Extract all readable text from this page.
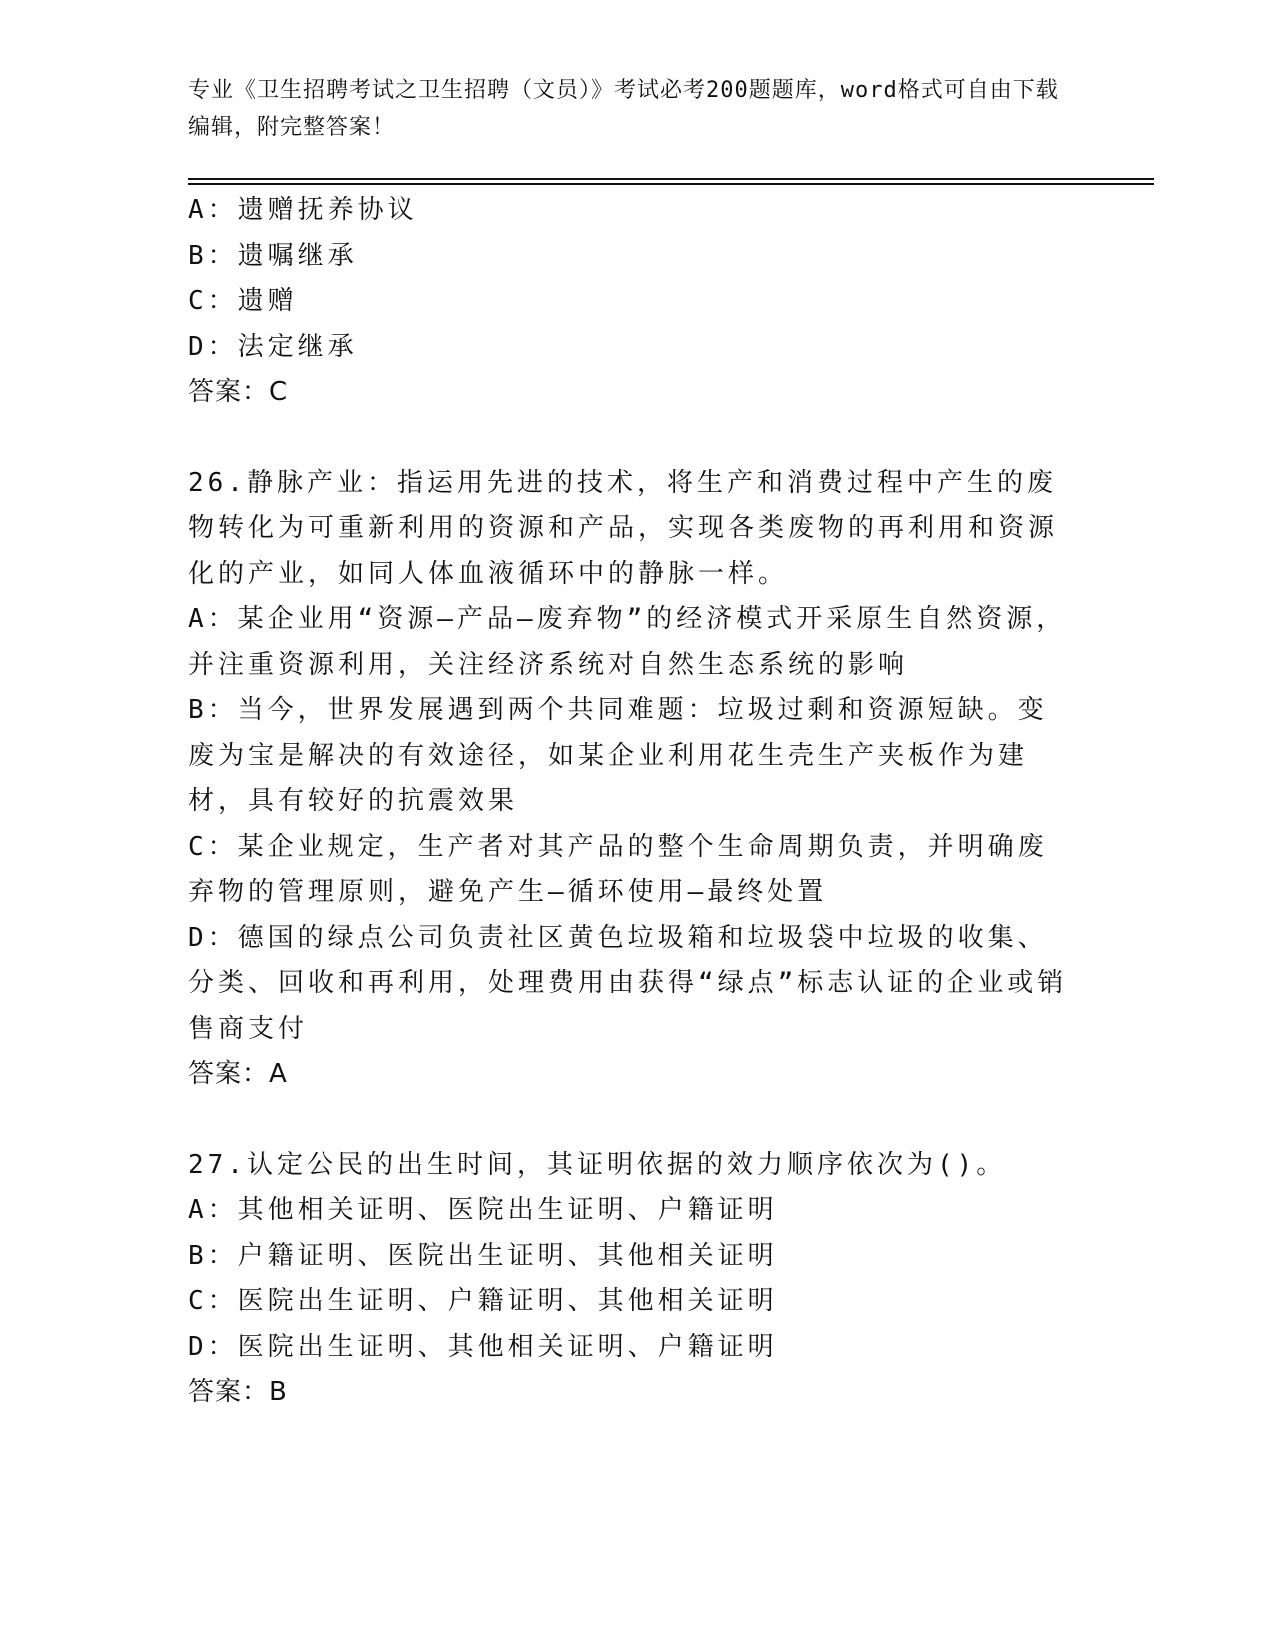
专业《卫生招聘考试之卫生招聘（文员）》考试必考200题题库，word格式可自由下载编辑，附完整答案！
A：遗赠抚养协议
B：遗嘱继承
C：遗赠
D：法定继承
答案：C
26.静脉产业：指运用先进的技术，将生产和消费过程中产生的废物转化为可重新利用的资源和产品，实现各类废物的再利用和资源化的产业，如同人体血液循环中的静脉一样。
A：某企业用“资源—产品—废弃物”的经济模式开采原生自然资源，并注重资源利用，关注经济系统对自然生态系统的影响
B：当今，世界发展遇到两个共同难题：垃圾过剩和资源短缺。变废为宝是解决的有效途径，如某企业利用花生壳生产夹板作为建材，具有较好的抗震效果
C：某企业规定，生产者对其产品的整个生命周期负责，并明确废弃物的管理原则，避免产生—循环使用—最终处置
D：德国的绿点公司负责社区黄色垃圾箱和垃圾袋中垃圾的收集、分类、回收和再利用，处理费用由获得“绿点”标志认证的企业或销售商支付
答案：A
27.认定公民的出生时间，其证明依据的效力顺序依次为()。
A：其他相关证明、医院出生证明、户籍证明
B：户籍证明、医院出生证明、其他相关证明
C：医院出生证明、户籍证明、其他相关证明
D：医院出生证明、其他相关证明、户籍证明
答案：B
